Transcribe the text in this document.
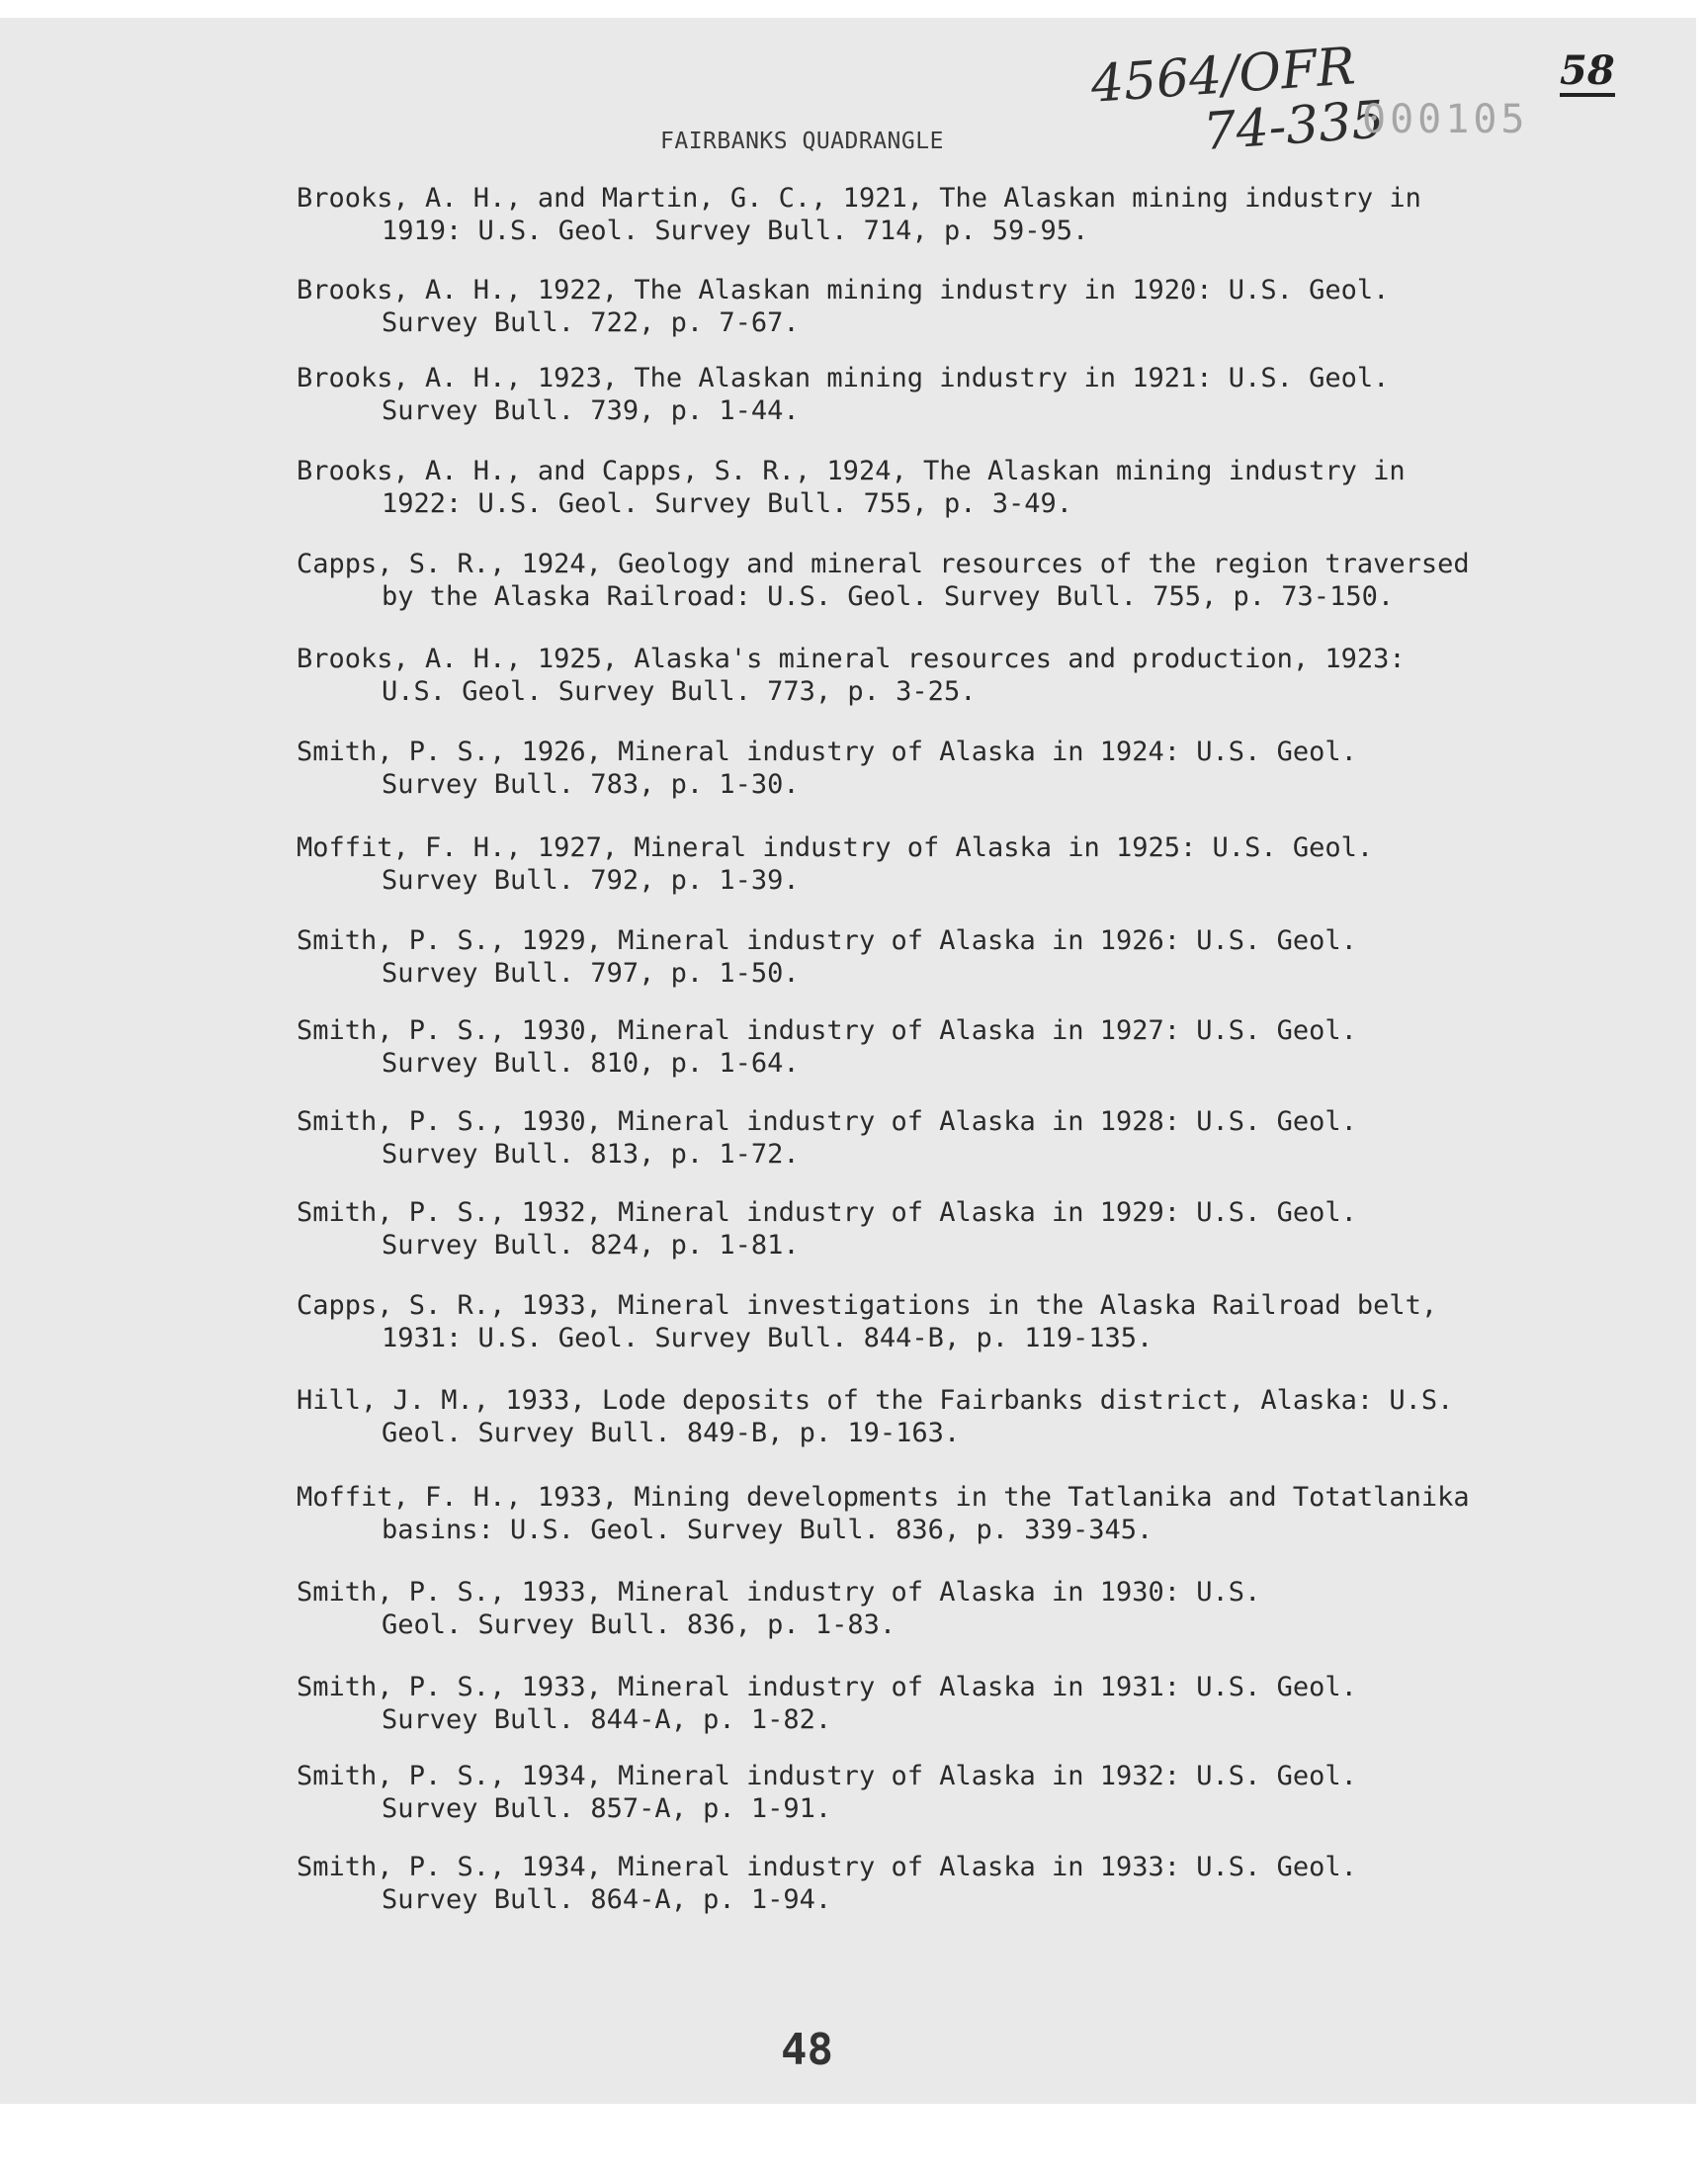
4564/OFR
74-335
000105
58
FAIRBANKS QUADRANGLE
Brooks, A. H., and Martin, G. C., 1921, The Alaskan mining industry in
1919: U.S. Geol. Survey Bull. 714, p. 59-95.
Brooks, A. H., 1922, The Alaskan mining industry in 1920: U.S. Geol.
Survey Bull. 722, p. 7-67.
Brooks, A. H., 1923, The Alaskan mining industry in 1921: U.S. Geol.
Survey Bull. 739, p. 1-44.
Brooks, A. H., and Capps, S. R., 1924, The Alaskan mining industry in
1922: U.S. Geol. Survey Bull. 755, p. 3-49.
Capps, S. R., 1924, Geology and mineral resources of the region traversed
by the Alaska Railroad: U.S. Geol. Survey Bull. 755, p. 73-150.
Brooks, A. H., 1925, Alaska's mineral resources and production, 1923:
U.S. Geol. Survey Bull. 773, p. 3-25.
Smith, P. S., 1926, Mineral industry of Alaska in 1924: U.S. Geol.
Survey Bull. 783, p. 1-30.
Moffit, F. H., 1927, Mineral industry of Alaska in 1925: U.S. Geol.
Survey Bull. 792, p. 1-39.
Smith, P. S., 1929, Mineral industry of Alaska in 1926: U.S. Geol.
Survey Bull. 797, p. 1-50.
Smith, P. S., 1930, Mineral industry of Alaska in 1927: U.S. Geol.
Survey Bull. 810, p. 1-64.
Smith, P. S., 1930, Mineral industry of Alaska in 1928: U.S. Geol.
Survey Bull. 813, p. 1-72.
Smith, P. S., 1932, Mineral industry of Alaska in 1929: U.S. Geol.
Survey Bull. 824, p. 1-81.
Capps, S. R., 1933, Mineral investigations in the Alaska Railroad belt,
1931: U.S. Geol. Survey Bull. 844-B, p. 119-135.
Hill, J. M., 1933, Lode deposits of the Fairbanks district, Alaska: U.S.
Geol. Survey Bull. 849-B, p. 19-163.
Moffit, F. H., 1933, Mining developments in the Tatlanika and Totatlanika
basins: U.S. Geol. Survey Bull. 836, p. 339-345.
Smith, P. S., 1933, Mineral industry of Alaska in 1930: U.S.
Geol. Survey Bull. 836, p. 1-83.
Smith, P. S., 1933, Mineral industry of Alaska in 1931: U.S. Geol.
Survey Bull. 844-A, p. 1-82.
Smith, P. S., 1934, Mineral industry of Alaska in 1932: U.S. Geol.
Survey Bull. 857-A, p. 1-91.
Smith, P. S., 1934, Mineral industry of Alaska in 1933: U.S. Geol.
Survey Bull. 864-A, p. 1-94.
48
